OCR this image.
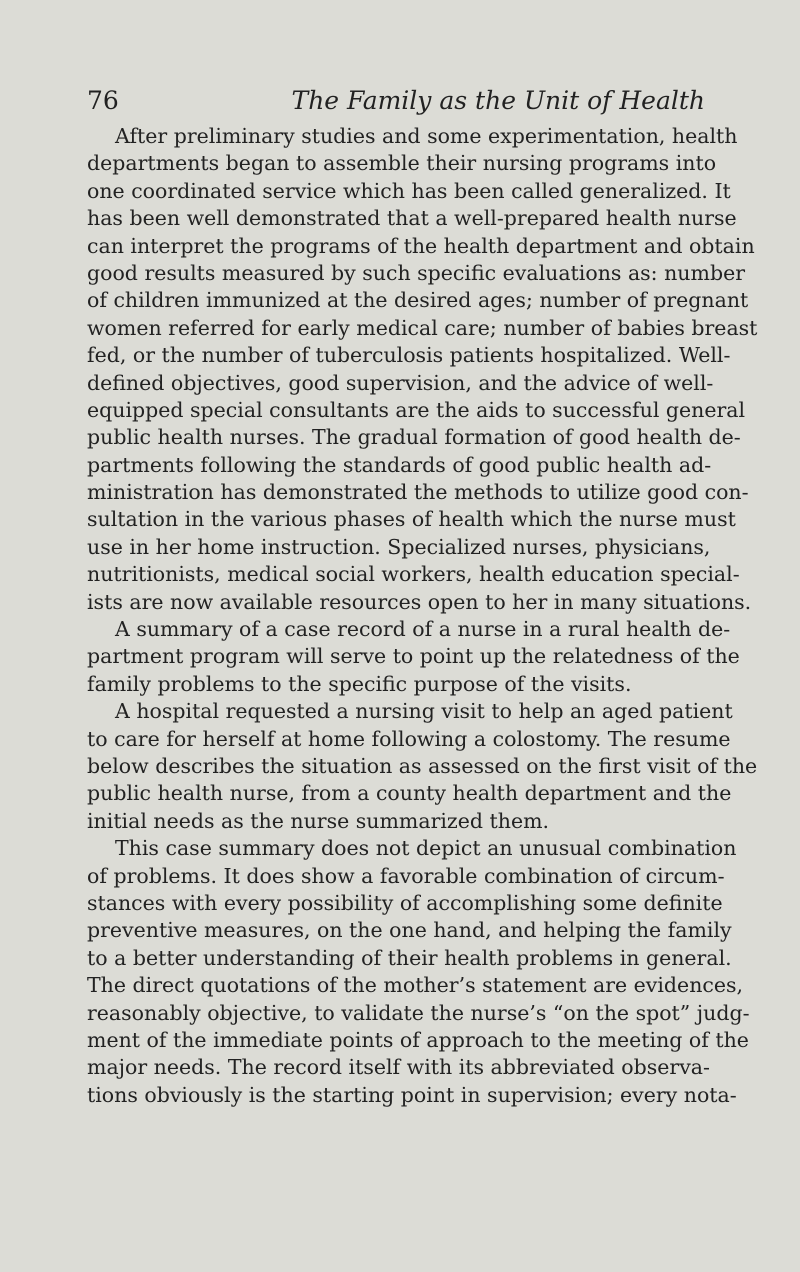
76	The Family as the Unit of Health
After preliminary studies and some experimentation, health
departments began to assemble their nursing programs into
one coordinated service which has been called generalized. It
has been well demonstrated that a well-prepared health nurse
can interpret the programs of the health department and obtain
good results measured by such specific evaluations as: number
of children immunized at the desired ages; number of pregnant
women referred for early medical care; number of babies breast
fed, or the number of tuberculosis patients hospitalized. Well-
defined objectives, good supervision, and the advice of well-
equipped special consultants are the aids to successful general
public health nurses. The gradual formation of good health de-
partments following the standards of good public health ad-
ministration has demonstrated the methods to utilize good con-
sultation in the various phases of health which the nurse must
use in her home instruction. Specialized nurses, physicians,
nutritionists, medical social workers, health education special-
ists are now available resources open to her in many situations.
A summary of a case record of a nurse in a rural health de-
partment program will serve to point up the relatedness of the
family problems to the specific purpose of the visits.
A hospital requested a nursing visit to help an aged patient
to care for herself at home following a colostomy. The resume
below describes the situation as assessed on the first visit of the
public health nurse, from a county health department and the
initial needs as the nurse summarized them.
This case summary does not depict an unusual combination
of problems. It does show a favorable combination of circum-
stances with every possibility of accomplishing some definite
preventive measures, on the one hand, and helping the family
to a better understanding of their health problems in general.
The direct quotations of the mother’s statement are evidences,
reasonably objective, to validate the nurse’s “on the spot” judg-
ment of the immediate points of approach to the meeting of the
major needs. The record itself with its abbreviated observa-
tions obviously is the starting point in supervision; every nota-
